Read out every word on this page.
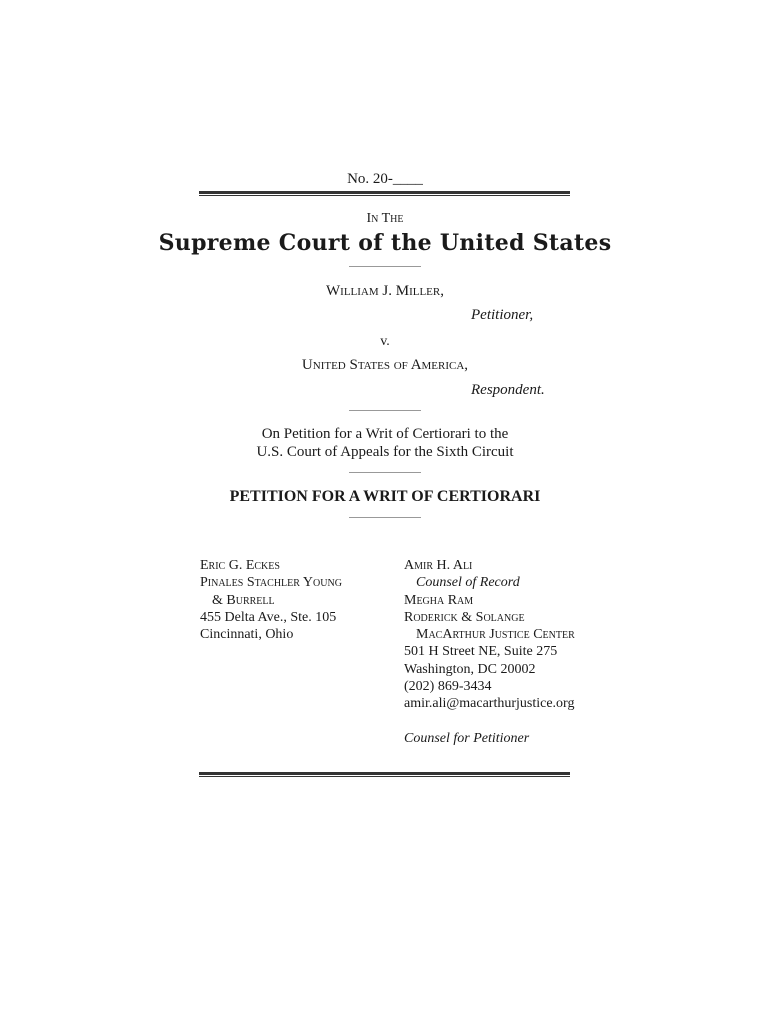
No. 20-____
In The
Supreme Court of the United States
William J. Miller,
Petitioner,
v.
United States of America,
Respondent.
On Petition for a Writ of Certiorari to the
U.S. Court of Appeals for the Sixth Circuit
PETITION FOR A WRIT OF CERTIORARI
Eric G. Eckes
Pinales Stachler Young
& Burrell
455 Delta Ave., Ste. 105
Cincinnati, Ohio
Amir H. Ali
Counsel of Record
Megha Ram
Roderick & Solange
MacArthur Justice Center
501 H Street NE, Suite 275
Washington, DC 20002
(202) 869-3434
amir.ali@macarthurjustice.org
Counsel for Petitioner
